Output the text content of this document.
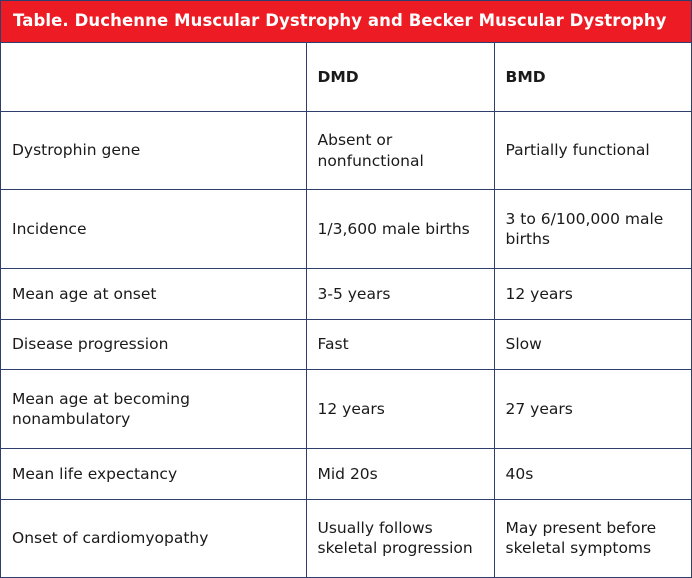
Table. Duchenne Muscular Dystrophy and Becker Muscular Dystrophy
	DMD	BMD
Dystrophin gene	Absent or nonfunctional	Partially functional
Incidence	1/3,600 male births	3 to 6/100,000 male births
Mean age at onset	3-5 years	12 years
Disease progression	Fast	Slow
Mean age at becoming nonambulatory	12 years	27 years
Mean life expectancy	Mid 20s	40s
Onset of cardiomyopathy	Usually follows skeletal progression	May present before skeletal symptoms
